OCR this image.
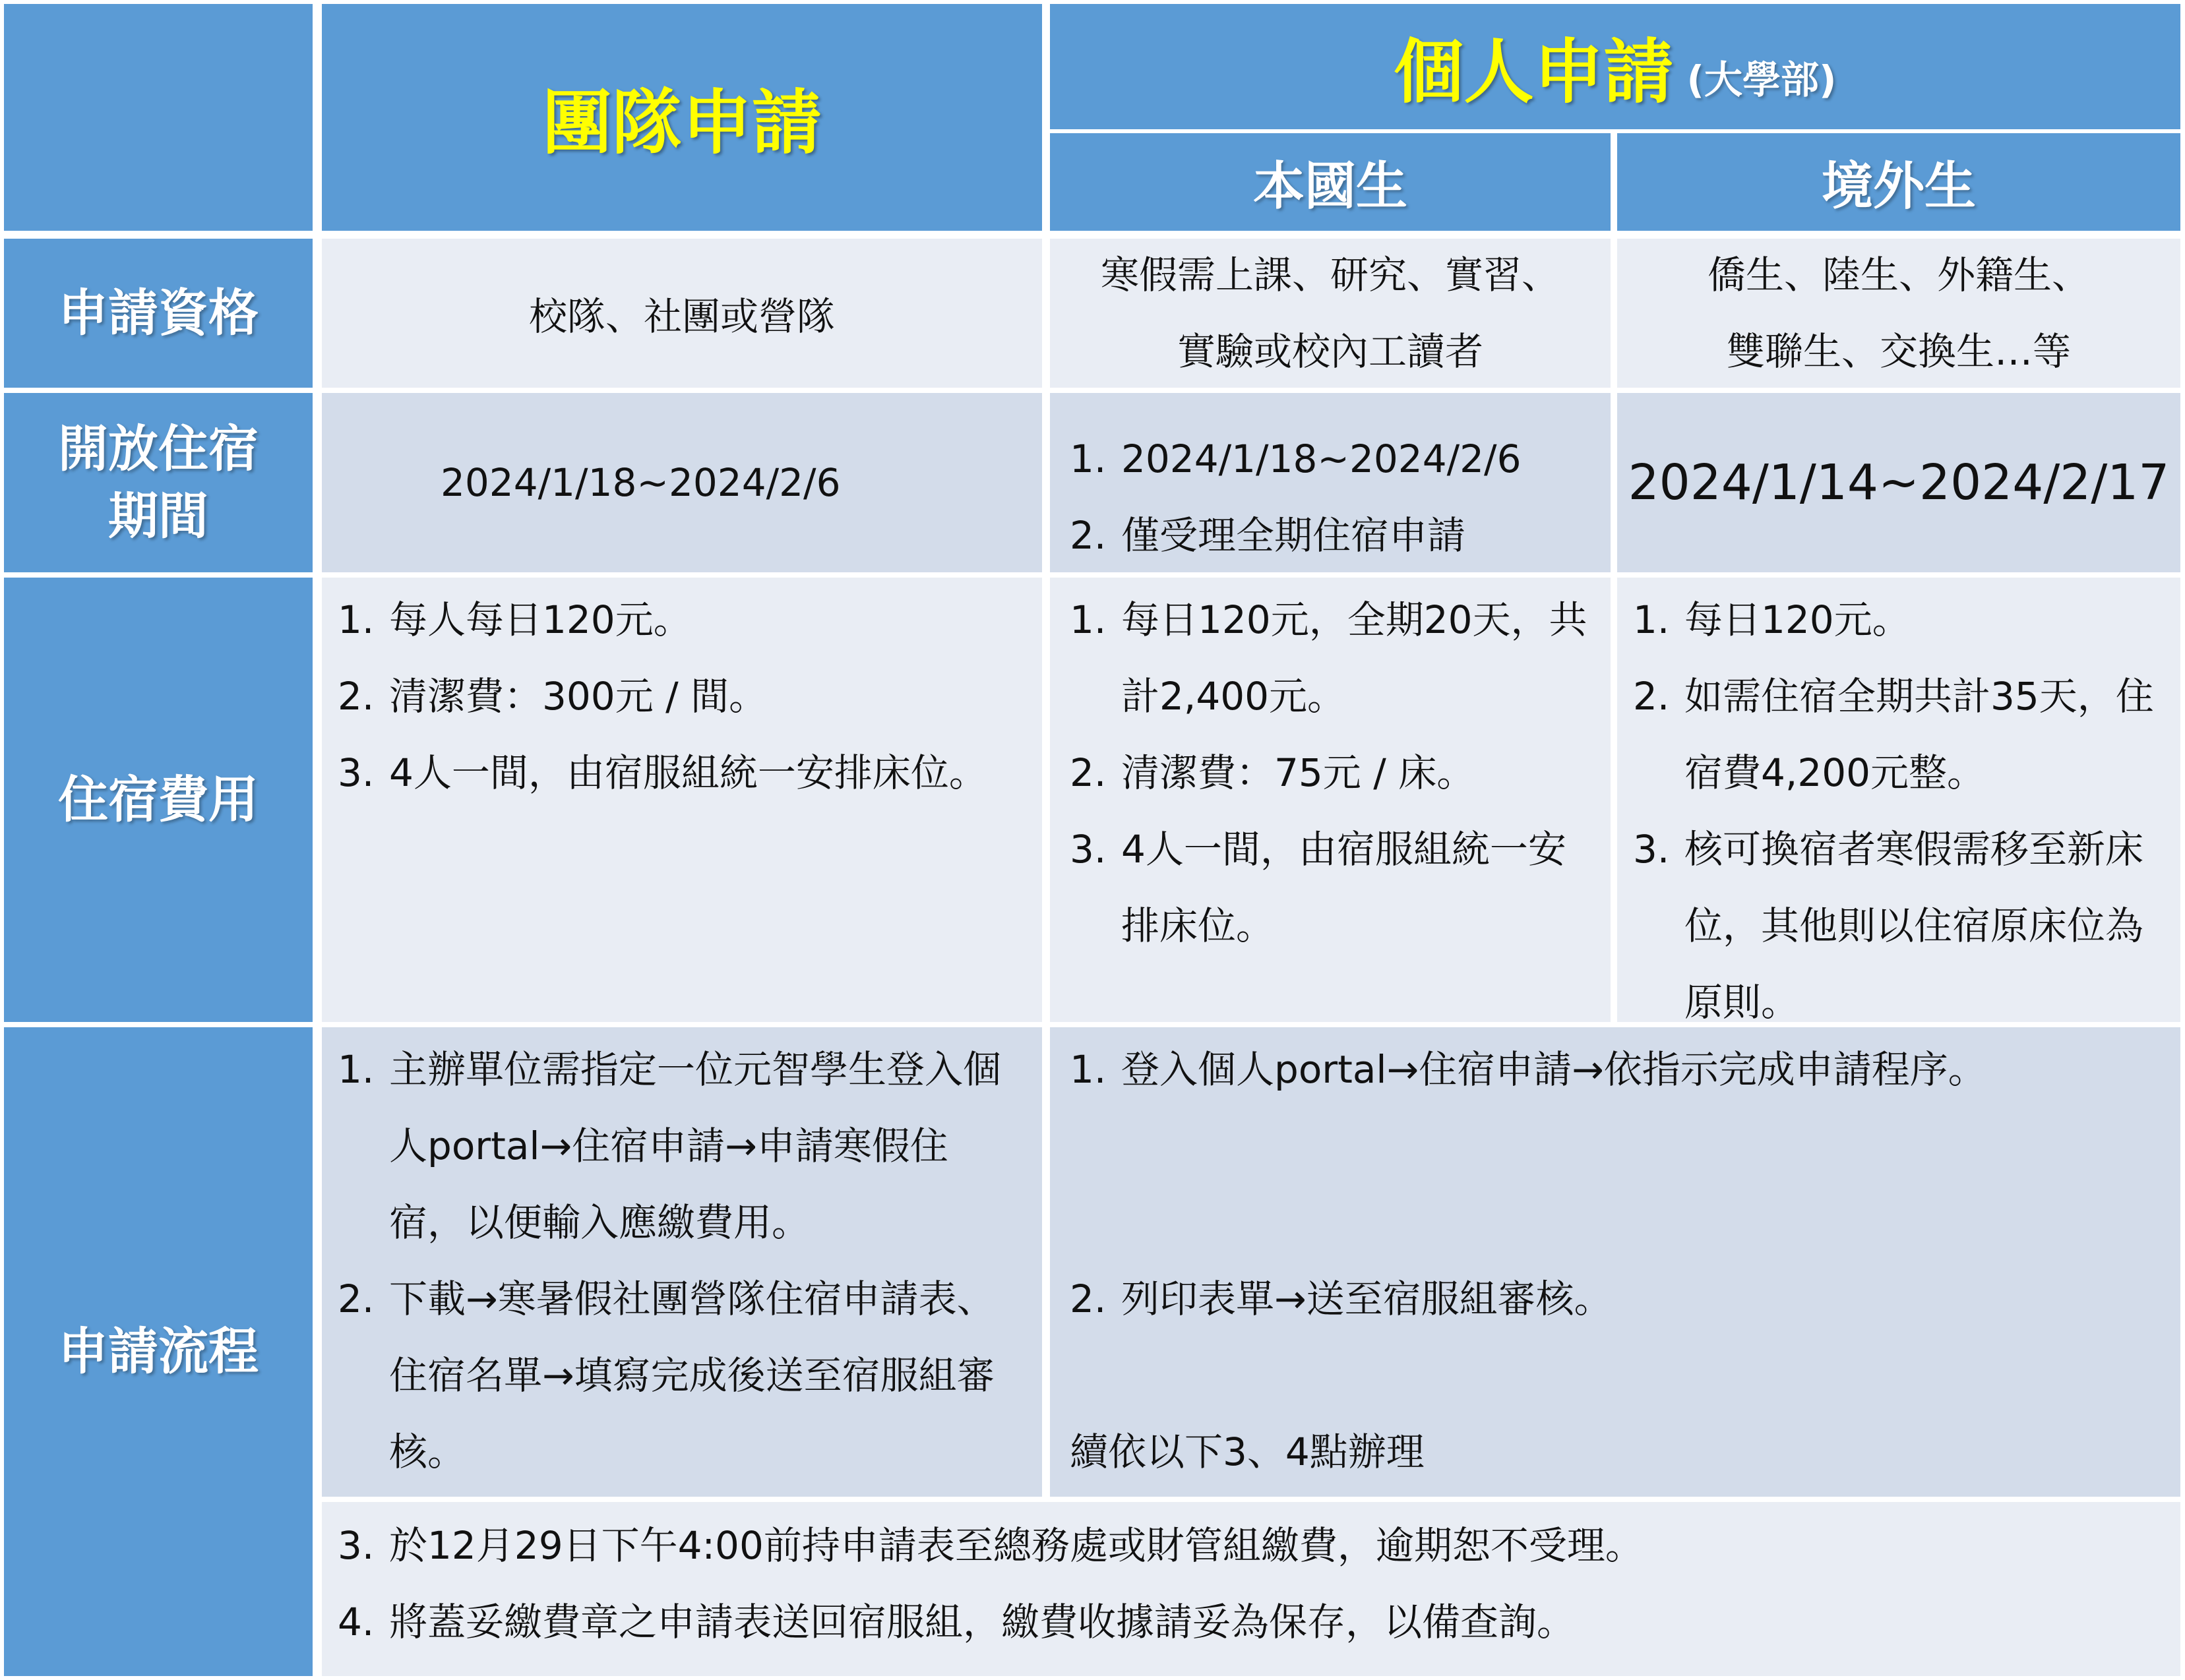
團隊申請
個人申請 (大學部)
本國生	境外生
申請資格	校隊、社團或營隊
寒假需上課、研究、實習、
實驗或校內工讀者
僑生、陸生、外籍生、
雙聯生、交換生…等
開放住宿
期間
2024/1/18~2024/2/6
1. 2024/1/18~2024/2/6
2. 僅受理全期住宿申請
2024/1/14~2024/2/17
住宿費用
1. 每人每日120元。
2. 清潔費：300元 / 間。
3. 4人一間，由宿服組統一安排床位。
1. 每日120元，全期20天，共計2,400元。
2. 清潔費：75元 / 床。
3. 4人一間，由宿服組統一安排床位。
1. 每日120元。
2. 如需住宿全期共計35天，住宿費4,200元整。
3. 核可換宿者寒假需移至新床位，其他則以住宿原床位為原則。
申請流程
1. 主辦單位需指定一位元智學生登入個人portal→住宿申請→申請寒假住宿，以便輸入應繳費用。
2. 下載→寒暑假社團營隊住宿申請表、住宿名單→填寫完成後送至宿服組審核。
1. 登入個人portal→住宿申請→依指示完成申請程序。
2. 列印表單→送至宿服組審核。
續依以下3、4點辦理
3. 於12月29日下午4:00前持申請表至總務處或財管組繳費，逾期恕不受理。
4. 將蓋妥繳費章之申請表送回宿服組，繳費收據請妥為保存，以備查詢。
